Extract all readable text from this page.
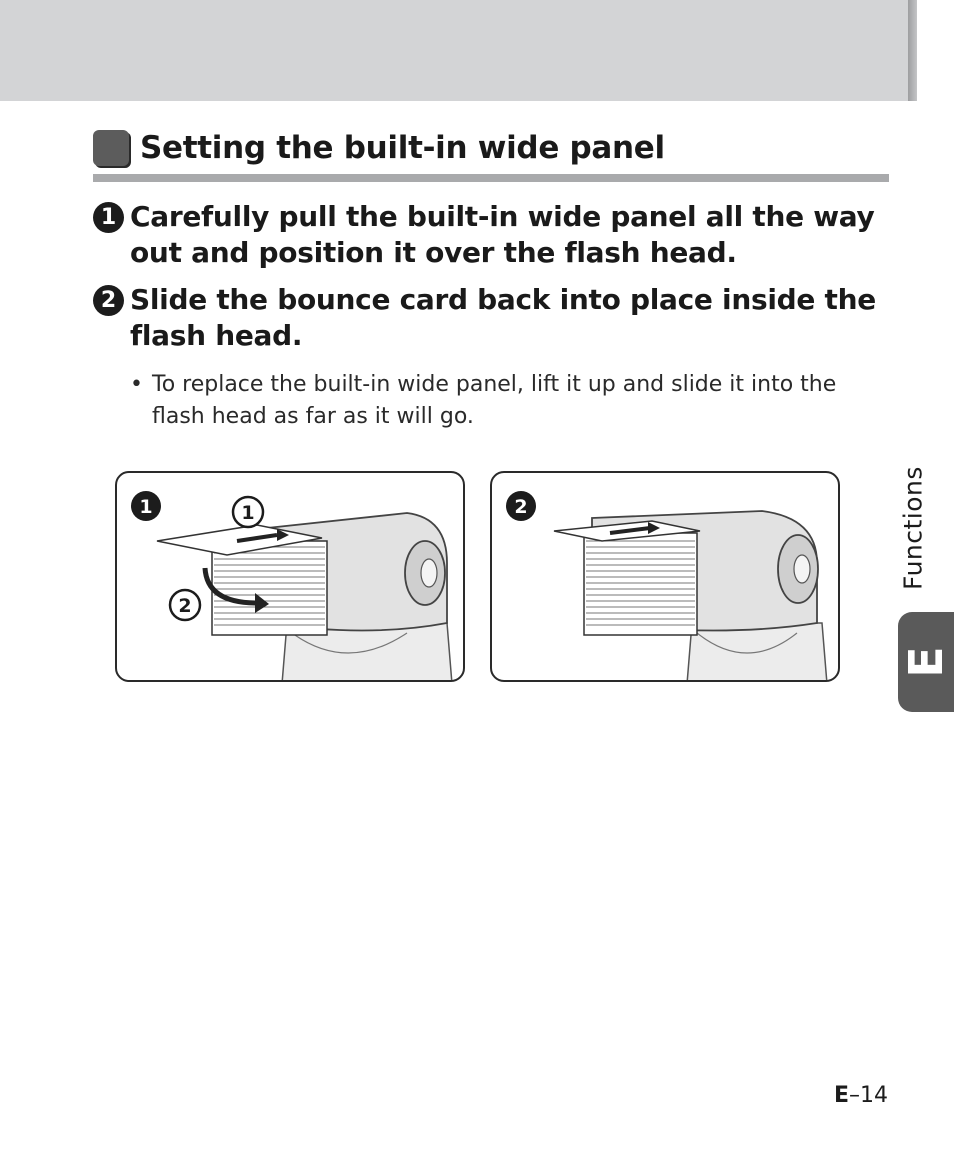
Setting the built-in wide panel
1 Carefully pull the built-in wide panel all the way out and position it over the flash head.
2 Slide the bounce card back into place inside the flash head.
• To replace the built-in wide panel, lift it up and slide it into the flash head as far as it will go.
1	1
2
2	Functions
E
E–14
